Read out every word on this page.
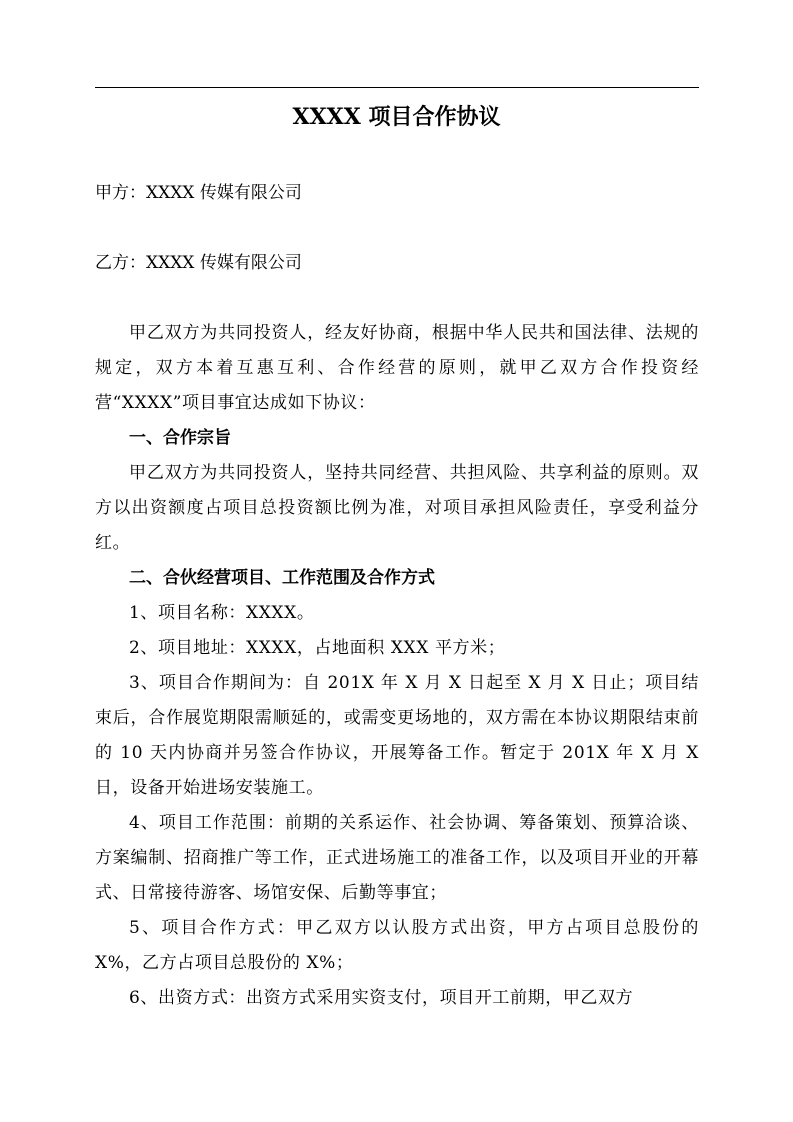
XXXX 项目合作协议

甲方：XXXX 传媒有限公司

乙方：XXXX 传媒有限公司

甲乙双方为共同投资人，经友好协商，根据中华人民共和国法律、法规的规定，双方本着互惠互利、合作经营的原则，就甲乙双方合作投资经营“XXXX”项目事宜达成如下协议：

一、合作宗旨

甲乙双方为共同投资人，坚持共同经营、共担风险、共享利益的原则。双方以出资额度占项目总投资额比例为准，对项目承担风险责任，享受利益分红。

二、合伙经营项目、工作范围及合作方式

1、项目名称：XXXX。

2、项目地址：XXXX，占地面积 XXX 平方米；

3、项目合作期间为：自 201X 年 X 月 X 日起至 X 月 X 日止；项目结束后，合作展览期限需顺延的，或需变更场地的，双方需在本协议期限结束前的 10 天内协商并另签合作协议，开展筹备工作。暂定于 201X 年 X 月 X 日，设备开始进场安装施工。

4、项目工作范围：前期的关系运作、社会协调、筹备策划、预算洽谈、方案编制、招商推广等工作，正式进场施工的准备工作，以及项目开业的开幕式、日常接待游客、场馆安保、后勤等事宜；

5、项目合作方式：甲乙双方以认股方式出资，甲方占项目总股份的 X%，乙方占项目总股份的 X%；

6、出资方式：出资方式采用实资支付，项目开工前期，甲乙双方
